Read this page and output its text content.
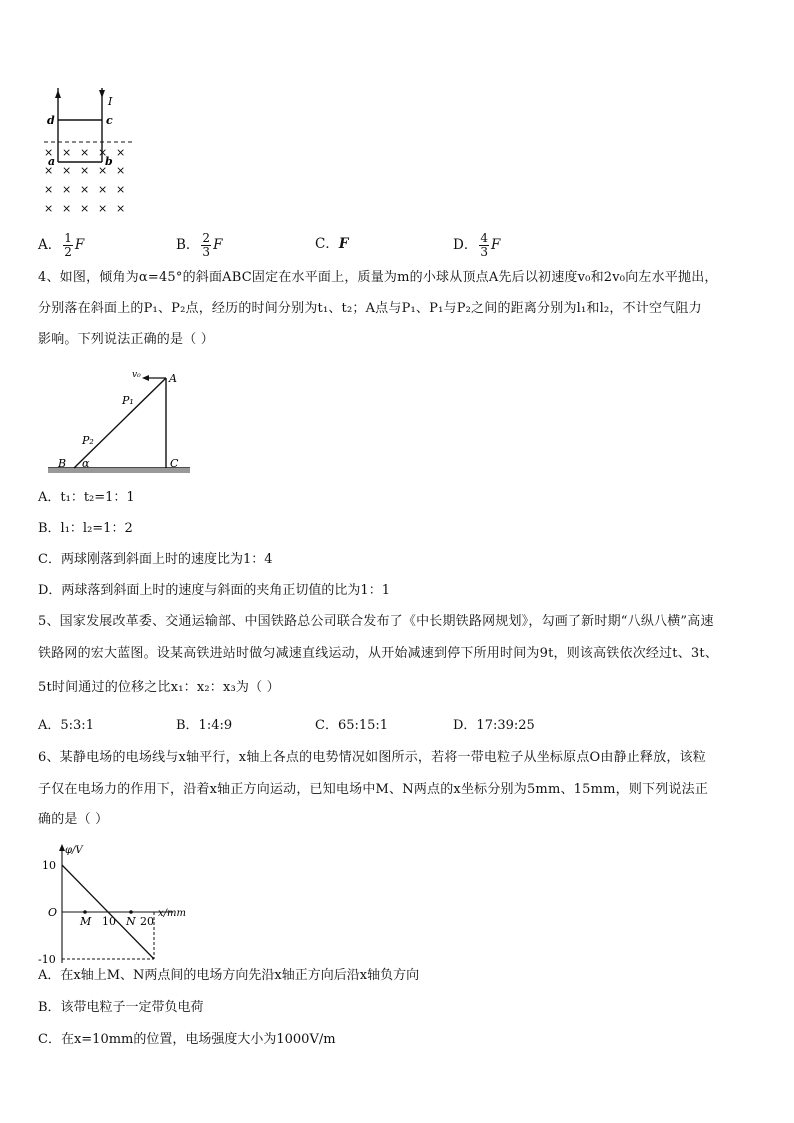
I
d	c
a	b
× × × × ×
× × × × ×
× × × × ×
× × × × ×
A． $\frac{1}{2}$ F	B． $\frac{2}{3}$ F	C．F	D． $\frac{4}{3}$ F
4、如图，倾角为α=45°的斜面ABC固定在水平面上，质量为m的小球从顶点A先后以初速度v₀和2v₀向左水平抛出，
分别落在斜面上的P₁、P₂点，经历的时间分别为t₁、t₂；A点与P₁、P₁与P₂之间的距离分别为l₁和l₂，不计空气阻力
影响。下列说法正确的是（ ）
v₀	A
P₁
P₂
B α	C
A．t₁：t₂=1：1
B．l₁：l₂=1：2
C．两球刚落到斜面上时的速度比为1：4
D．两球落到斜面上时的速度与斜面的夹角正切值的比为1：1
5、国家发展改革委、交通运输部、中国铁路总公司联合发布了《中长期铁路网规划》，勾画了新时期“八纵八横”高速
铁路网的宏大蓝图。设某高铁进站时做匀减速直线运动，从开始减速到停下所用时间为9t，则该高铁依次经过t、3t、
5t时间通过的位移之比x₁：x₂：x₃为（ ）
A．5:3:1	B．1:4:9	C．65:15:1	D．17:39:25
6、某静电场的电场线与x轴平行，x轴上各点的电势情况如图所示，若将一带电粒子从坐标原点O由静止释放，该粒
子仅在电场力的作用下，沿着x轴正方向运动，已知电场中M、N两点的x坐标分别为5mm、15mm，则下列说法正
确的是（ ）
φ/V
x/mm
O
10
-10
10 20
M	N
A．在x轴上M、N两点间的电场方向先沿x轴正方向后沿x轴负方向
B．该带电粒子一定带负电荷
C．在x=10mm的位置，电场强度大小为1000V/m
